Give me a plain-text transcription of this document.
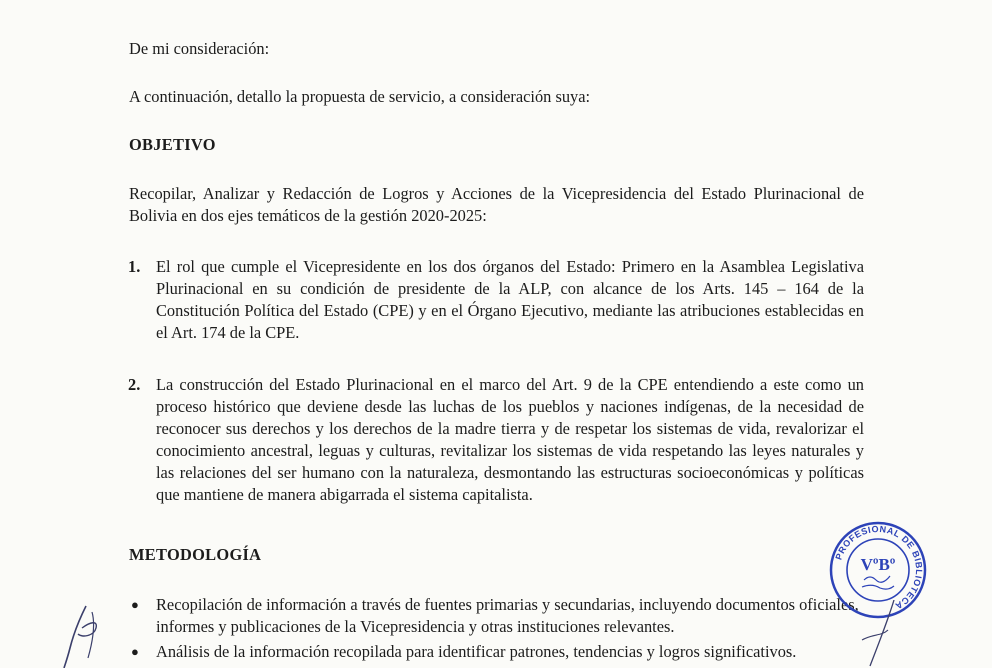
De mi consideración:

A continuación, detallo la propuesta de servicio, a consideración suya:

OBJETIVO

Recopilar, Analizar y Redacción de Logros y Acciones de la Vicepresidencia del Estado Plurinacional de Bolivia en dos ejes temáticos de la gestión 2020-2025:

1. El rol que cumple el Vicepresidente en los dos órganos del Estado: Primero en la Asamblea Legislativa Plurinacional en su condición de presidente de la ALP, con alcance de los Arts. 145 – 164 de la Constitución Política del Estado (CPE) y en el Órgano Ejecutivo, mediante las atribuciones establecidas en el Art. 174 de la CPE.

2. La construcción del Estado Plurinacional en el marco del Art. 9 de la CPE entendiendo a este como un proceso histórico que deviene desde las luchas de los pueblos y naciones indígenas, de la necesidad de reconocer sus derechos y los derechos de la madre tierra y de respetar los sistemas de vida, revalorizar el conocimiento ancestral, leguas y culturas, revitalizar los sistemas de vida respetando las leyes naturales y las relaciones del ser humano con la naturaleza, desmontando las estructuras socioeconómicas y políticas que mantiene de manera abigarrada el sistema capitalista.

METODOLOGÍA

● Recopilación de información a través de fuentes primarias y secundarias, incluyendo documentos oficiales, informes y publicaciones de la Vicepresidencia y otras instituciones relevantes.

● Análisis de la información recopilada para identificar patrones, tendencias y logros significativos.

PROFESIONAL DE BIBLIOTECA
VºBº
